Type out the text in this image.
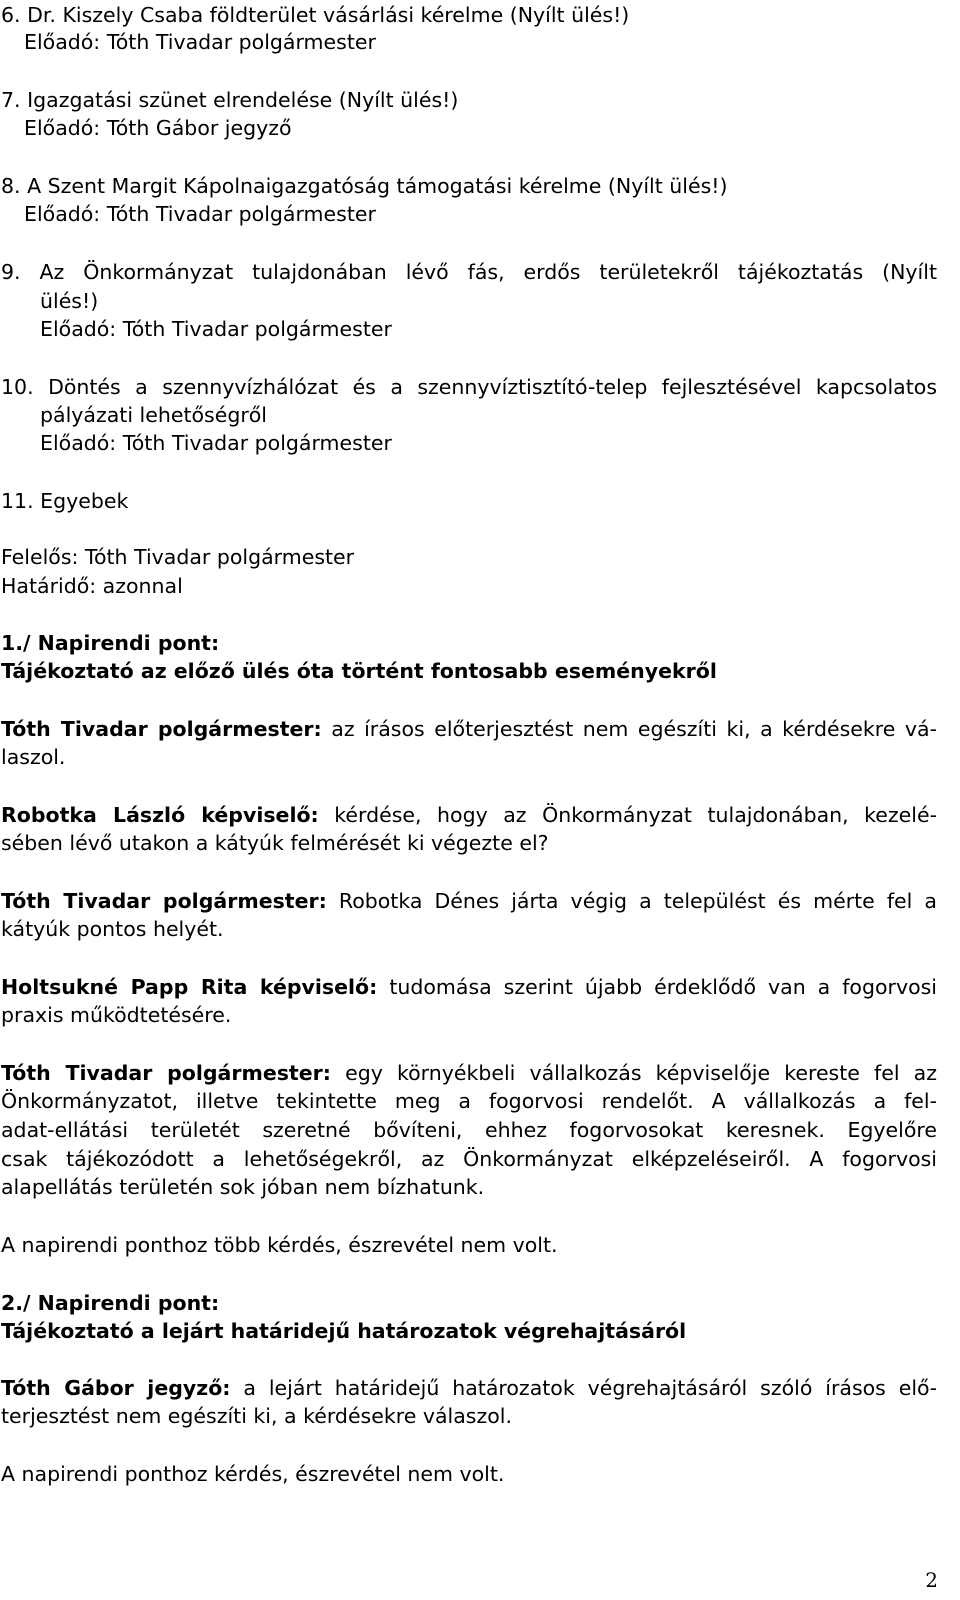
6. Dr. Kiszely Csaba földterület vásárlási kérelme (Nyílt ülés!)
Előadó: Tóth Tivadar polgármester
7. Igazgatási szünet elrendelése (Nyílt ülés!)
Előadó: Tóth Gábor jegyző
8. A Szent Margit Kápolnaigazgatóság támogatási kérelme (Nyílt ülés!)
Előadó: Tóth Tivadar polgármester
9. Az Önkormányzat tulajdonában lévő fás, erdős területekről tájékoztatás (Nyílt
ülés!)
Előadó: Tóth Tivadar polgármester
10. Döntés a szennyvízhálózat és a szennyvíztisztító-telep fejlesztésével kapcsolatos
pályázati lehetőségről
Előadó: Tóth Tivadar polgármester
11. Egyebek
Felelős: Tóth Tivadar polgármester
Határidő: azonnal
1./ Napirendi pont:
Tájékoztató az előző ülés óta történt fontosabb eseményekről
Tóth Tivadar polgármester: az írásos előterjesztést nem egészíti ki, a kérdésekre vá-
laszol.
Robotka László képviselő: kérdése, hogy az Önkormányzat tulajdonában, kezelé-
sében lévő utakon a kátyúk felmérését ki végezte el?
Tóth Tivadar polgármester: Robotka Dénes járta végig a települést és mérte fel a
kátyúk pontos helyét.
Holtsukné Papp Rita képviselő: tudomása szerint újabb érdeklődő van a fogorvosi
praxis működtetésére.
Tóth Tivadar polgármester: egy környékbeli vállalkozás képviselője kereste fel az
Önkormányzatot, illetve tekintette meg a fogorvosi rendelőt. A vállalkozás a fel-
adat-ellátási területét szeretné bővíteni, ehhez fogorvosokat keresnek. Egyelőre
csak tájékozódott a lehetőségekről, az Önkormányzat elképzeléseiről. A fogorvosi
alapellátás területén sok jóban nem bízhatunk.
A napirendi ponthoz több kérdés, észrevétel nem volt.
2./ Napirendi pont:
Tájékoztató a lejárt határidejű határozatok végrehajtásáról
Tóth Gábor jegyző: a lejárt határidejű határozatok végrehajtásáról szóló írásos elő-
terjesztést nem egészíti ki, a kérdésekre válaszol.
A napirendi ponthoz kérdés, észrevétel nem volt.
2
